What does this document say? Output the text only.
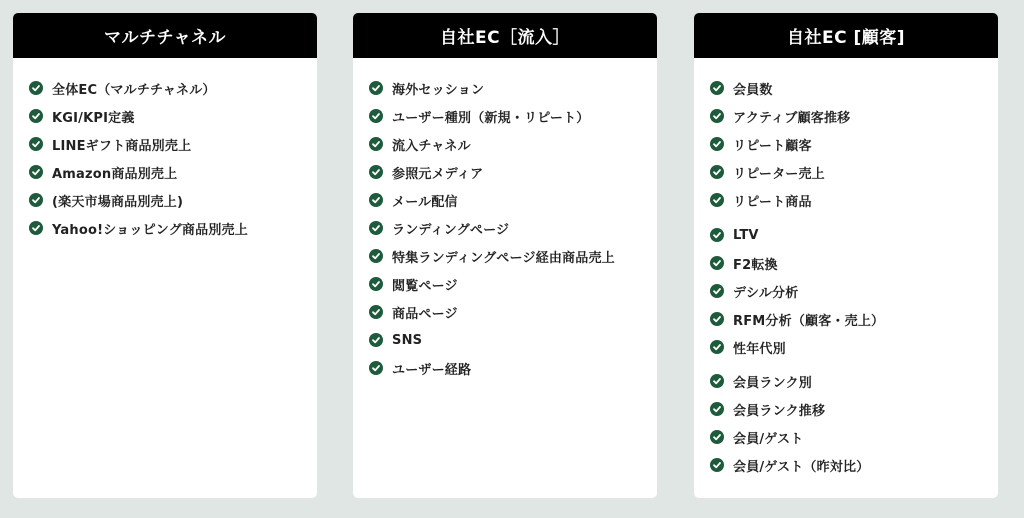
マルチチャネル
全体EC（マルチチャネル）
KGI/KPI定義
LINEギフト商品別売上
Amazon商品別売上
(楽天市場商品別売上)
Yahoo!ショッピング商品別売上
自社EC［流入］
海外セッション
ユーザー種別（新規・リピート）
流入チャネル
参照元メディア
メール配信
ランディングページ
特集ランディングページ経由商品売上
閲覧ページ
商品ページ
SNS
ユーザー経路
自社EC [顧客]
会員数
アクティブ顧客推移
リピート顧客
リピーター売上
リピート商品
LTV
F2転換
デシル分析
RFM分析（顧客・売上）
性年代別
会員ランク別
会員ランク推移
会員/ゲスト
会員/ゲスト（昨対比）
